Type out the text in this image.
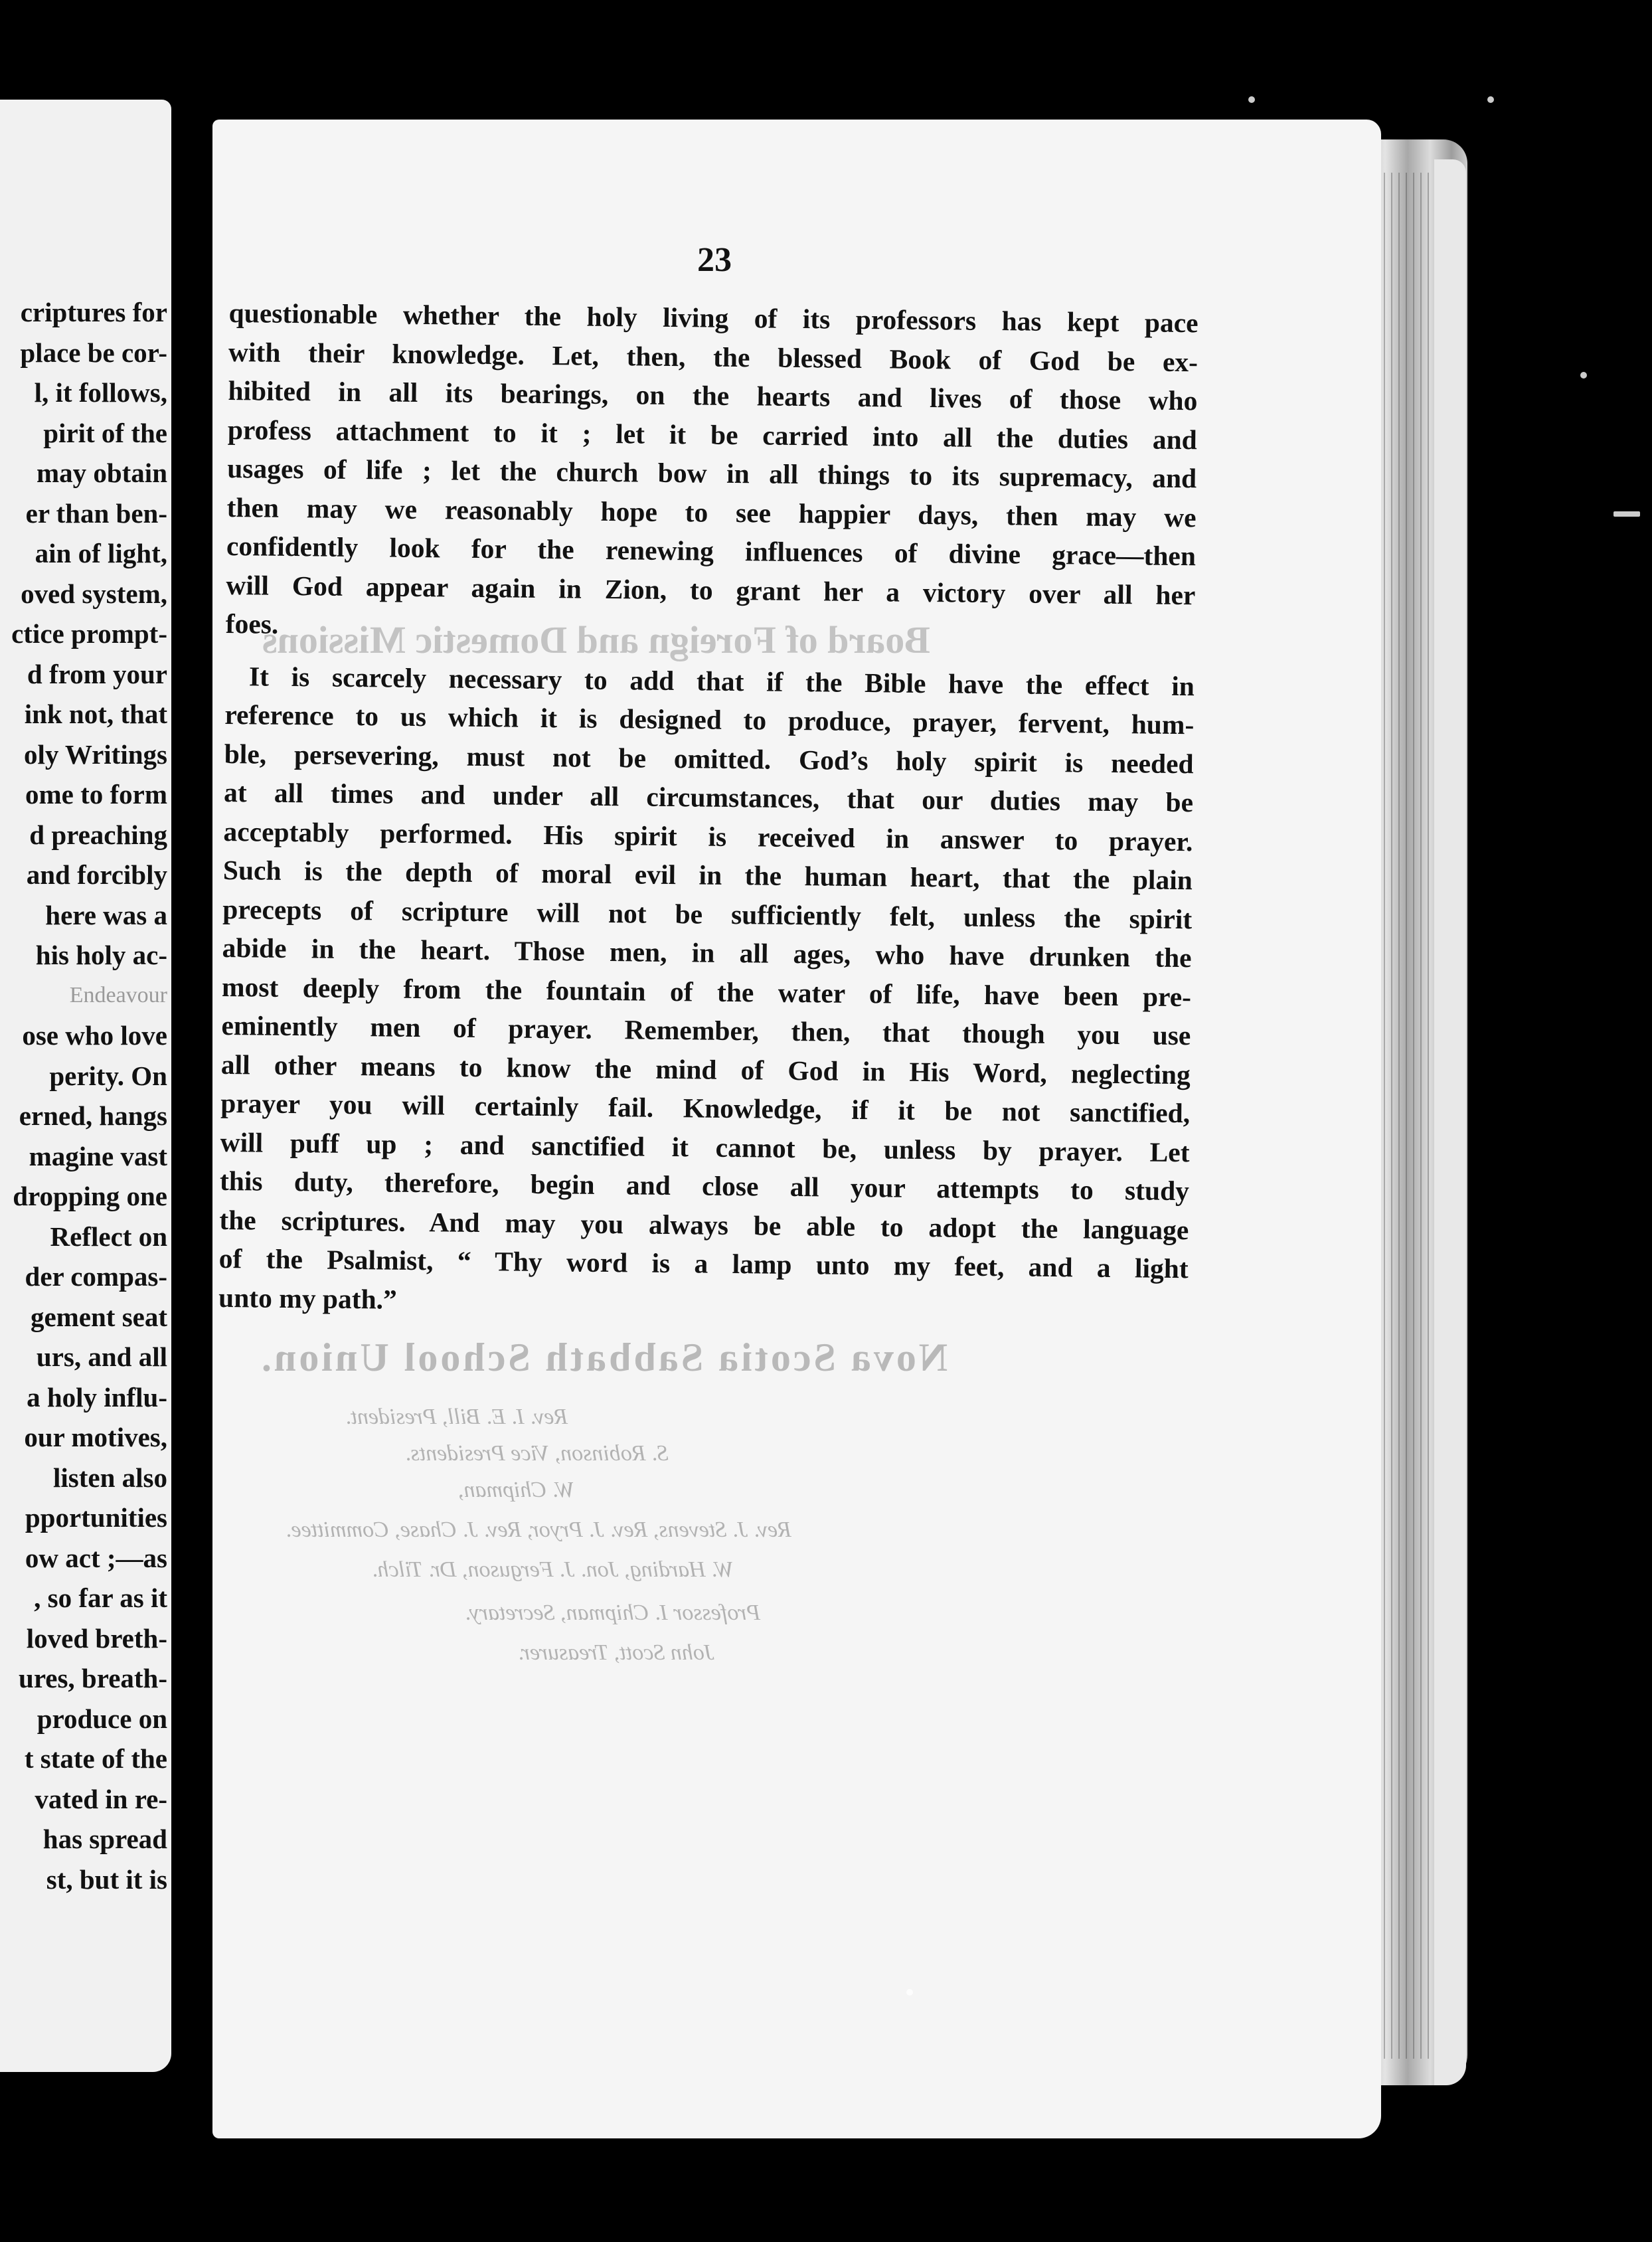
criptures for
place be cor-
l, it follows,
pirit of the
may obtain
er than ben-
ain of light,
oved system,
ctice prompt-
d from your
ink not, that
oly Writings
ome to form
d preaching
and forcibly
here was a
his holy ac-
Endeavour
ose who love
perity. On
erned, hangs
magine vast
dropping one
Reflect on
der compas-
gement seat
urs, and all
a holy influ-
our motives,
listen also
pportunities
ow act ;—as
, so far as it
loved breth-
ures, breath-
produce on
t state of the
vated in re-
has spread
st, but it is
Board of Foreign and Domestic Missions
Nova Scotia Sabbath School Union.
Rev. I. E. Bill, President.
S. Robinson, Vice Presidents.
W. Chipman,
Rev. J. Stevens, Rev. J. Pryor, Rev. J. Chase, Committee.
W. Harding, Jon. J. Ferguson, Dr. Tilch.
Professor I. Chipman, Secretary.
John Scott, Treasurer.
23
questionable whether the holy living of its professors has kept pace
with their knowledge. Let, then, the blessed Book of God be ex-
hibited in all its bearings, on the hearts and lives of those who
profess attachment to it ; let it be carried into all the duties and
usages of life ; let the church bow in all things to its supremacy, and
then may we reasonably hope to see happier days, then may we
confidently look for the renewing influences of divine grace—then
will God appear again in Zion, to grant her a victory over all her
foes.
It is scarcely necessary to add that if the Bible have the effect in
reference to us which it is designed to produce, prayer, fervent, hum-
ble, persevering, must not be omitted. God’s holy spirit is needed
at all times and under all circumstances, that our duties may be
acceptably performed. His spirit is received in answer to prayer.
Such is the depth of moral evil in the human heart, that the plain
precepts of scripture will not be sufficiently felt, unless the spirit
abide in the heart. Those men, in all ages, who have drunken the
most deeply from the fountain of the water of life, have been pre-
eminently men of prayer. Remember, then, that though you use
all other means to know the mind of God in His Word, neglecting
prayer you will certainly fail. Knowledge, if it be not sanctified,
will puff up ; and sanctified it cannot be, unless by prayer. Let
this duty, therefore, begin and close all your attempts to study
the scriptures. And may you always be able to adopt the language
of the Psalmist, “ Thy word is a lamp unto my feet, and a light
unto my path.”
